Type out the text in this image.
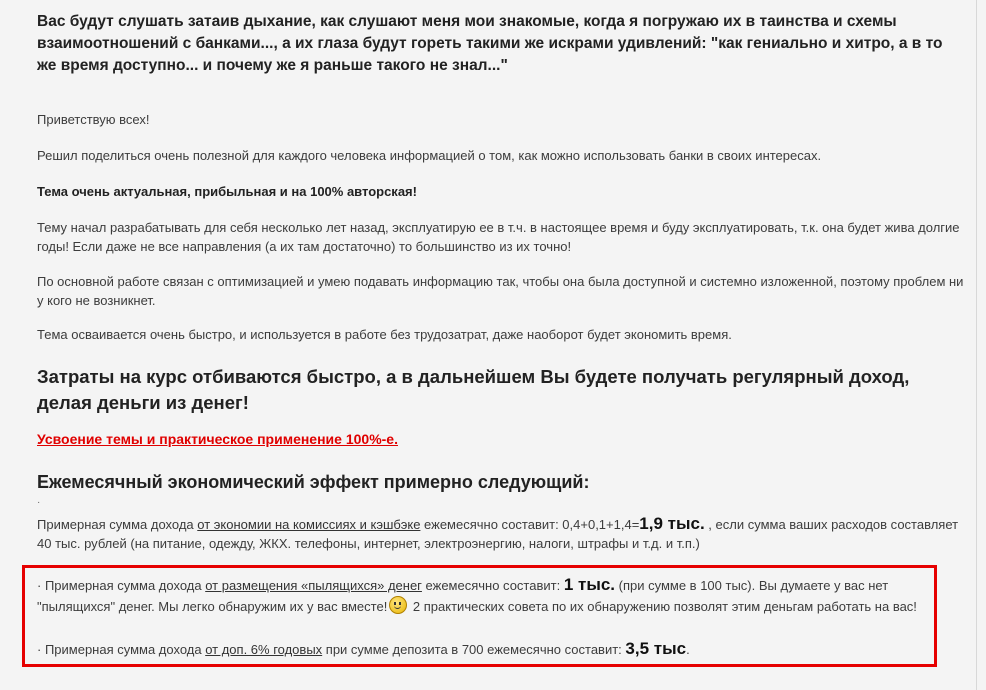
Вас будут слушать затаив дыхание, как слушают меня мои знакомые, когда я погружаю их в таинства и схемы взаимоотношений с банками..., а их глаза будут гореть такими же искрами удивлений: "как гениально и хитро, а в то же время доступно... и почему же я раньше такого не знал..."
Приветствую всех!
Решил поделиться очень полезной для каждого человека информацией о том, как можно использовать банки в своих интересах.
Тема очень актуальная, прибыльная и на 100% авторская!
Тему начал разрабатывать для себя несколько лет назад, эксплуатирую ее в т.ч. в настоящее время и буду эксплуатировать, т.к. она будет жива долгие годы! Если даже не все направления (а их там достаточно) то большинство из их точно!
По основной работе связан с оптимизацией и умею подавать информацию так, чтобы она была доступной и системно изложенной, поэтому проблем ни у кого не возникнет.
Тема осваивается очень быстро, и используется в работе без трудозатрат, даже наоборот будет экономить время.
Затраты на курс отбиваются быстро, а в дальнейшем Вы будете получать регулярный доход, делая деньги из денег!
Усвоение темы и практическое применение 100%-е.
Ежемесячный экономический эффект примерно следующий:
·
Примерная сумма дохода от экономии на комиссиях и кэшбэке ежемесячно составит: 0,4+0,1+1,4=1,9 тыс. , если сумма ваших расходов составляет 40 тыс. рублей (на питание, одежду, ЖКХ. телефоны, интернет, электроэнергию, налоги, штрафы и т.д. и т.п.)
· Примерная сумма дохода от размещения «пылящихся» денег ежемесячно составит: 1 тыс. (при сумме в 100 тыс). Вы думаете у вас нет "пылящихся" денег. Мы легко обнаружим их у вас вместе! 2 практических совета по их обнаружению позволят этим деньгам работать на вас!
· Примерная сумма дохода от доп. 6% годовых при сумме депозита в 700 ежемесячно составит: 3,5 тыс.
